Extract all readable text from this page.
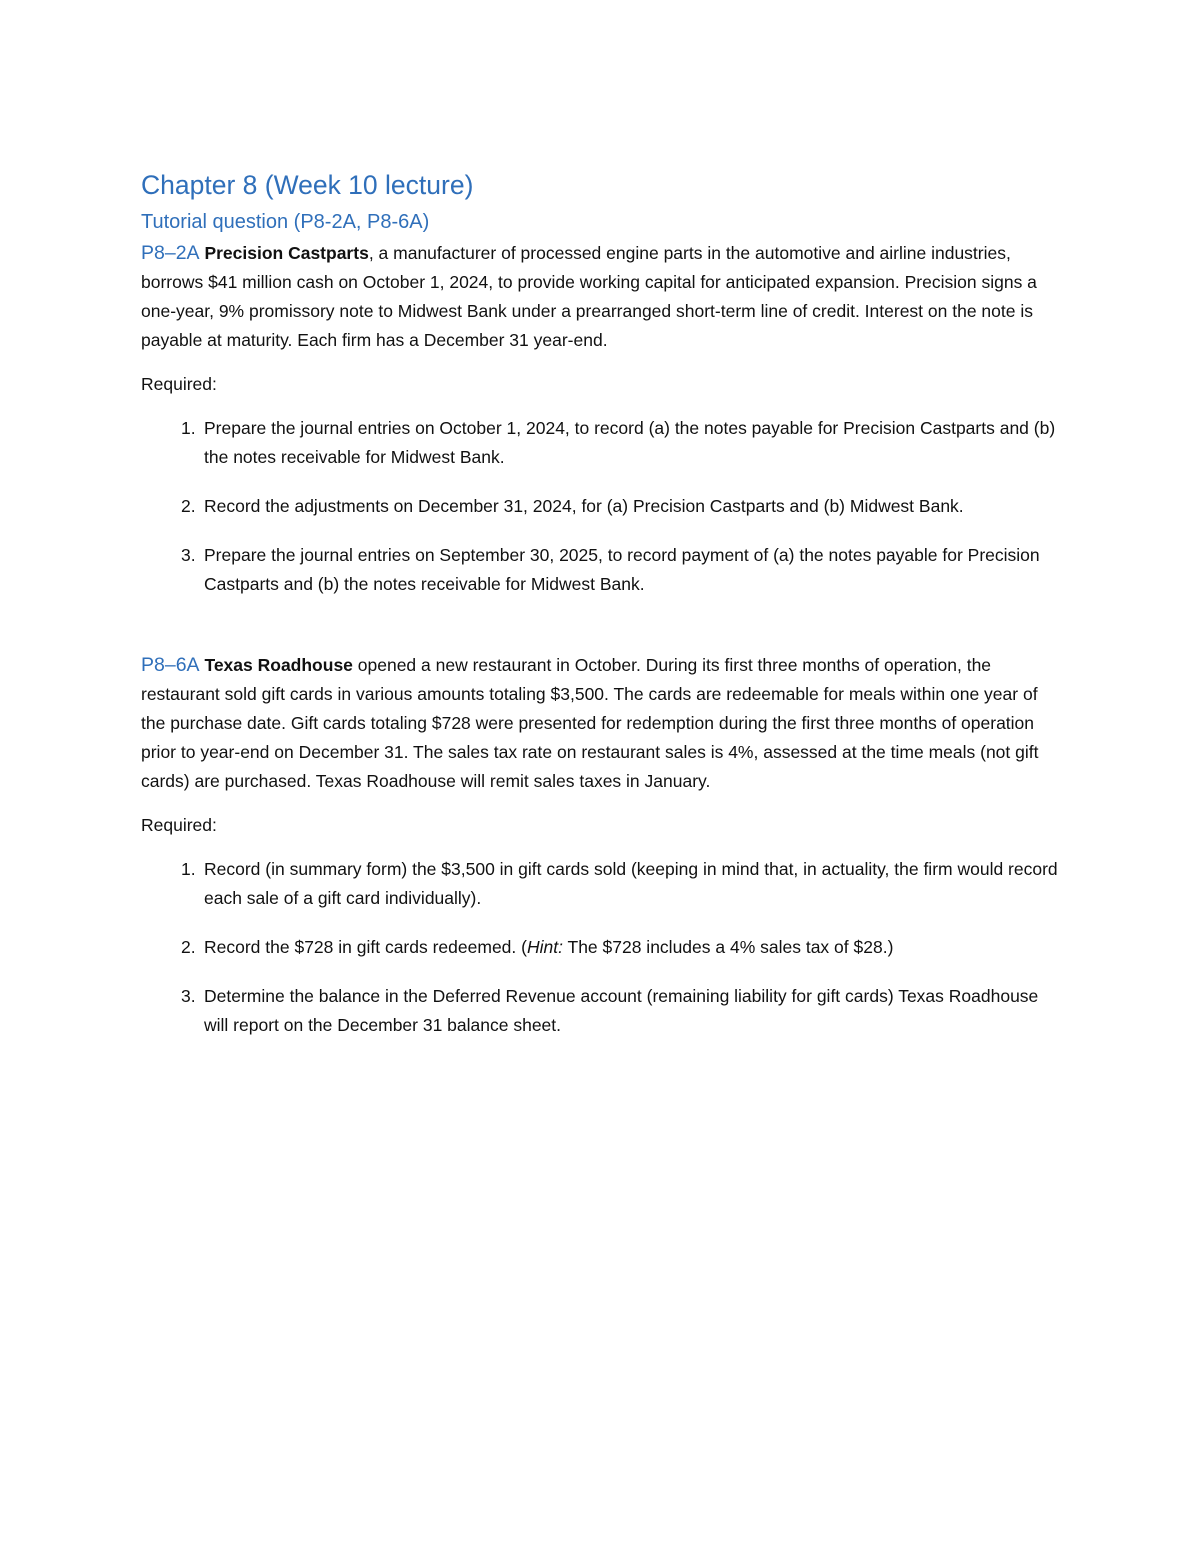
Chapter 8 (Week 10 lecture)
Tutorial question (P8-2A, P8-6A)

P8–2A Precision Castparts, a manufacturer of processed engine parts in the automotive and airline industries, borrows $41 million cash on October 1, 2024, to provide working capital for anticipated expansion. Precision signs a one-year, 9% promissory note to Midwest Bank under a prearranged short-term line of credit. Interest on the note is payable at maturity. Each firm has a December 31 year-end.

Required:

1. Prepare the journal entries on October 1, 2024, to record (a) the notes payable for Precision Castparts and (b) the notes receivable for Midwest Bank.
2. Record the adjustments on December 31, 2024, for (a) Precision Castparts and (b) Midwest Bank.
3. Prepare the journal entries on September 30, 2025, to record payment of (a) the notes payable for Precision Castparts and (b) the notes receivable for Midwest Bank.

P8–6A Texas Roadhouse opened a new restaurant in October. During its first three months of operation, the restaurant sold gift cards in various amounts totaling $3,500. The cards are redeemable for meals within one year of the purchase date. Gift cards totaling $728 were presented for redemption during the first three months of operation prior to year-end on December 31. The sales tax rate on restaurant sales is 4%, assessed at the time meals (not gift cards) are purchased. Texas Roadhouse will remit sales taxes in January.

Required:

1. Record (in summary form) the $3,500 in gift cards sold (keeping in mind that, in actuality, the firm would record each sale of a gift card individually).
2. Record the $728 in gift cards redeemed. (Hint: The $728 includes a 4% sales tax of $28.)
3. Determine the balance in the Deferred Revenue account (remaining liability for gift cards) Texas Roadhouse will report on the December 31 balance sheet.
